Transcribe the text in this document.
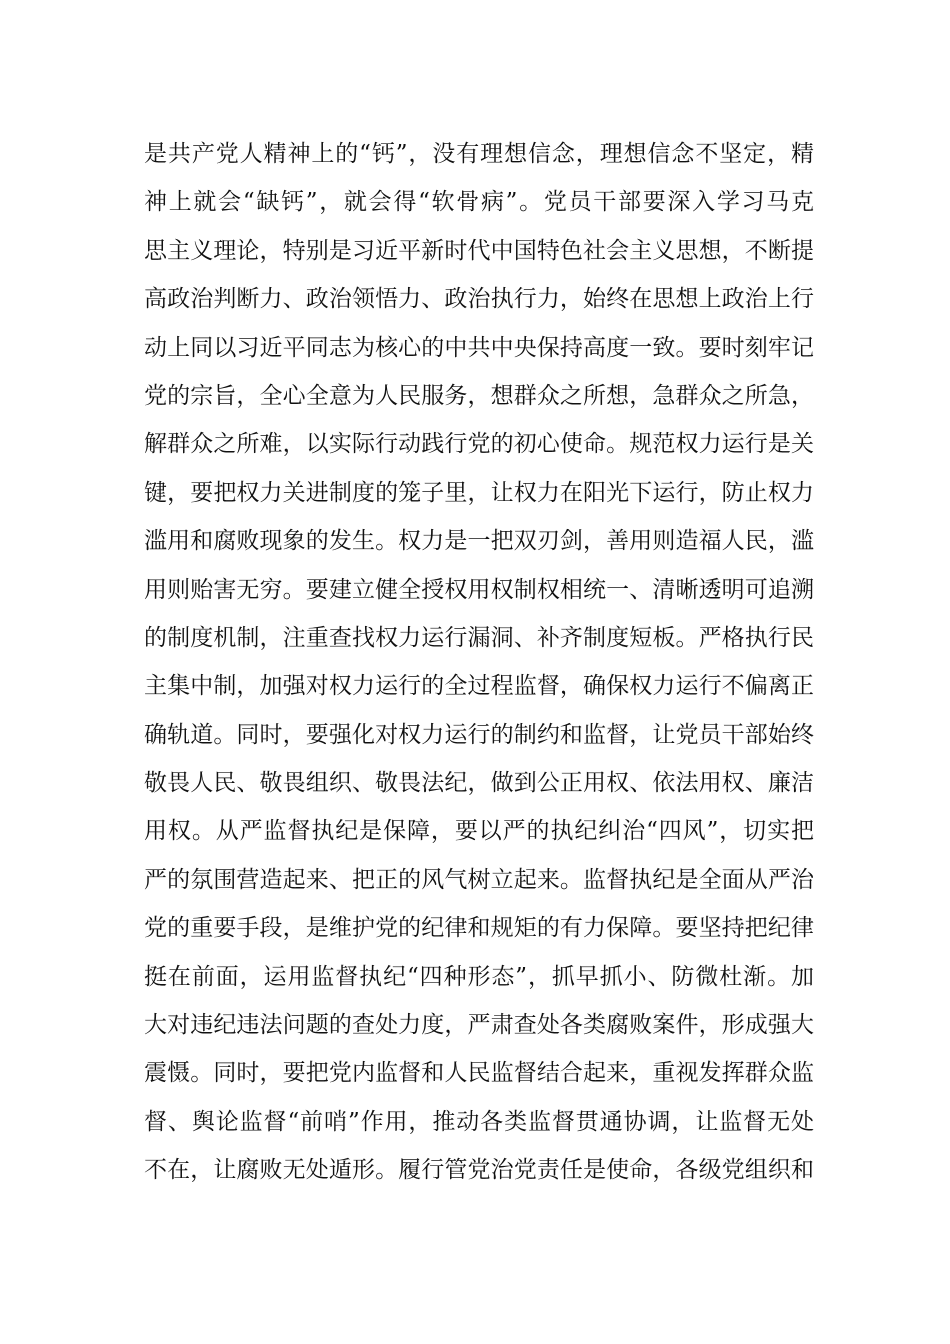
是共产党人精神上的“钙”，没有理想信念，理想信念不坚定，精
神上就会“缺钙”，就会得“软骨病”。党员干部要深入学习马克
思主义理论，特别是习近平新时代中国特色社会主义思想，不断提
高政治判断力、政治领悟力、政治执行力，始终在思想上政治上行
动上同以习近平同志为核心的中共中央保持高度一致。要时刻牢记
党的宗旨，全心全意为人民服务，想群众之所想，急群众之所急，
解群众之所难，以实际行动践行党的初心使命。规范权力运行是关
键，要把权力关进制度的笼子里，让权力在阳光下运行，防止权力
滥用和腐败现象的发生。权力是一把双刃剑，善用则造福人民，滥
用则贻害无穷。要建立健全授权用权制权相统一、清晰透明可追溯
的制度机制，注重查找权力运行漏洞、补齐制度短板。严格执行民
主集中制，加强对权力运行的全过程监督，确保权力运行不偏离正
确轨道。同时，要强化对权力运行的制约和监督，让党员干部始终
敬畏人民、敬畏组织、敬畏法纪，做到公正用权、依法用权、廉洁
用权。从严监督执纪是保障，要以严的执纪纠治“四风”，切实把
严的氛围营造起来、把正的风气树立起来。监督执纪是全面从严治
党的重要手段，是维护党的纪律和规矩的有力保障。要坚持把纪律
挺在前面，运用监督执纪“四种形态”，抓早抓小、防微杜渐。加
大对违纪违法问题的查处力度，严肃查处各类腐败案件，形成强大
震慑。同时，要把党内监督和人民监督结合起来，重视发挥群众监
督、舆论监督“前哨”作用，推动各类监督贯通协调，让监督无处
不在，让腐败无处遁形。履行管党治党责任是使命，各级党组织和
